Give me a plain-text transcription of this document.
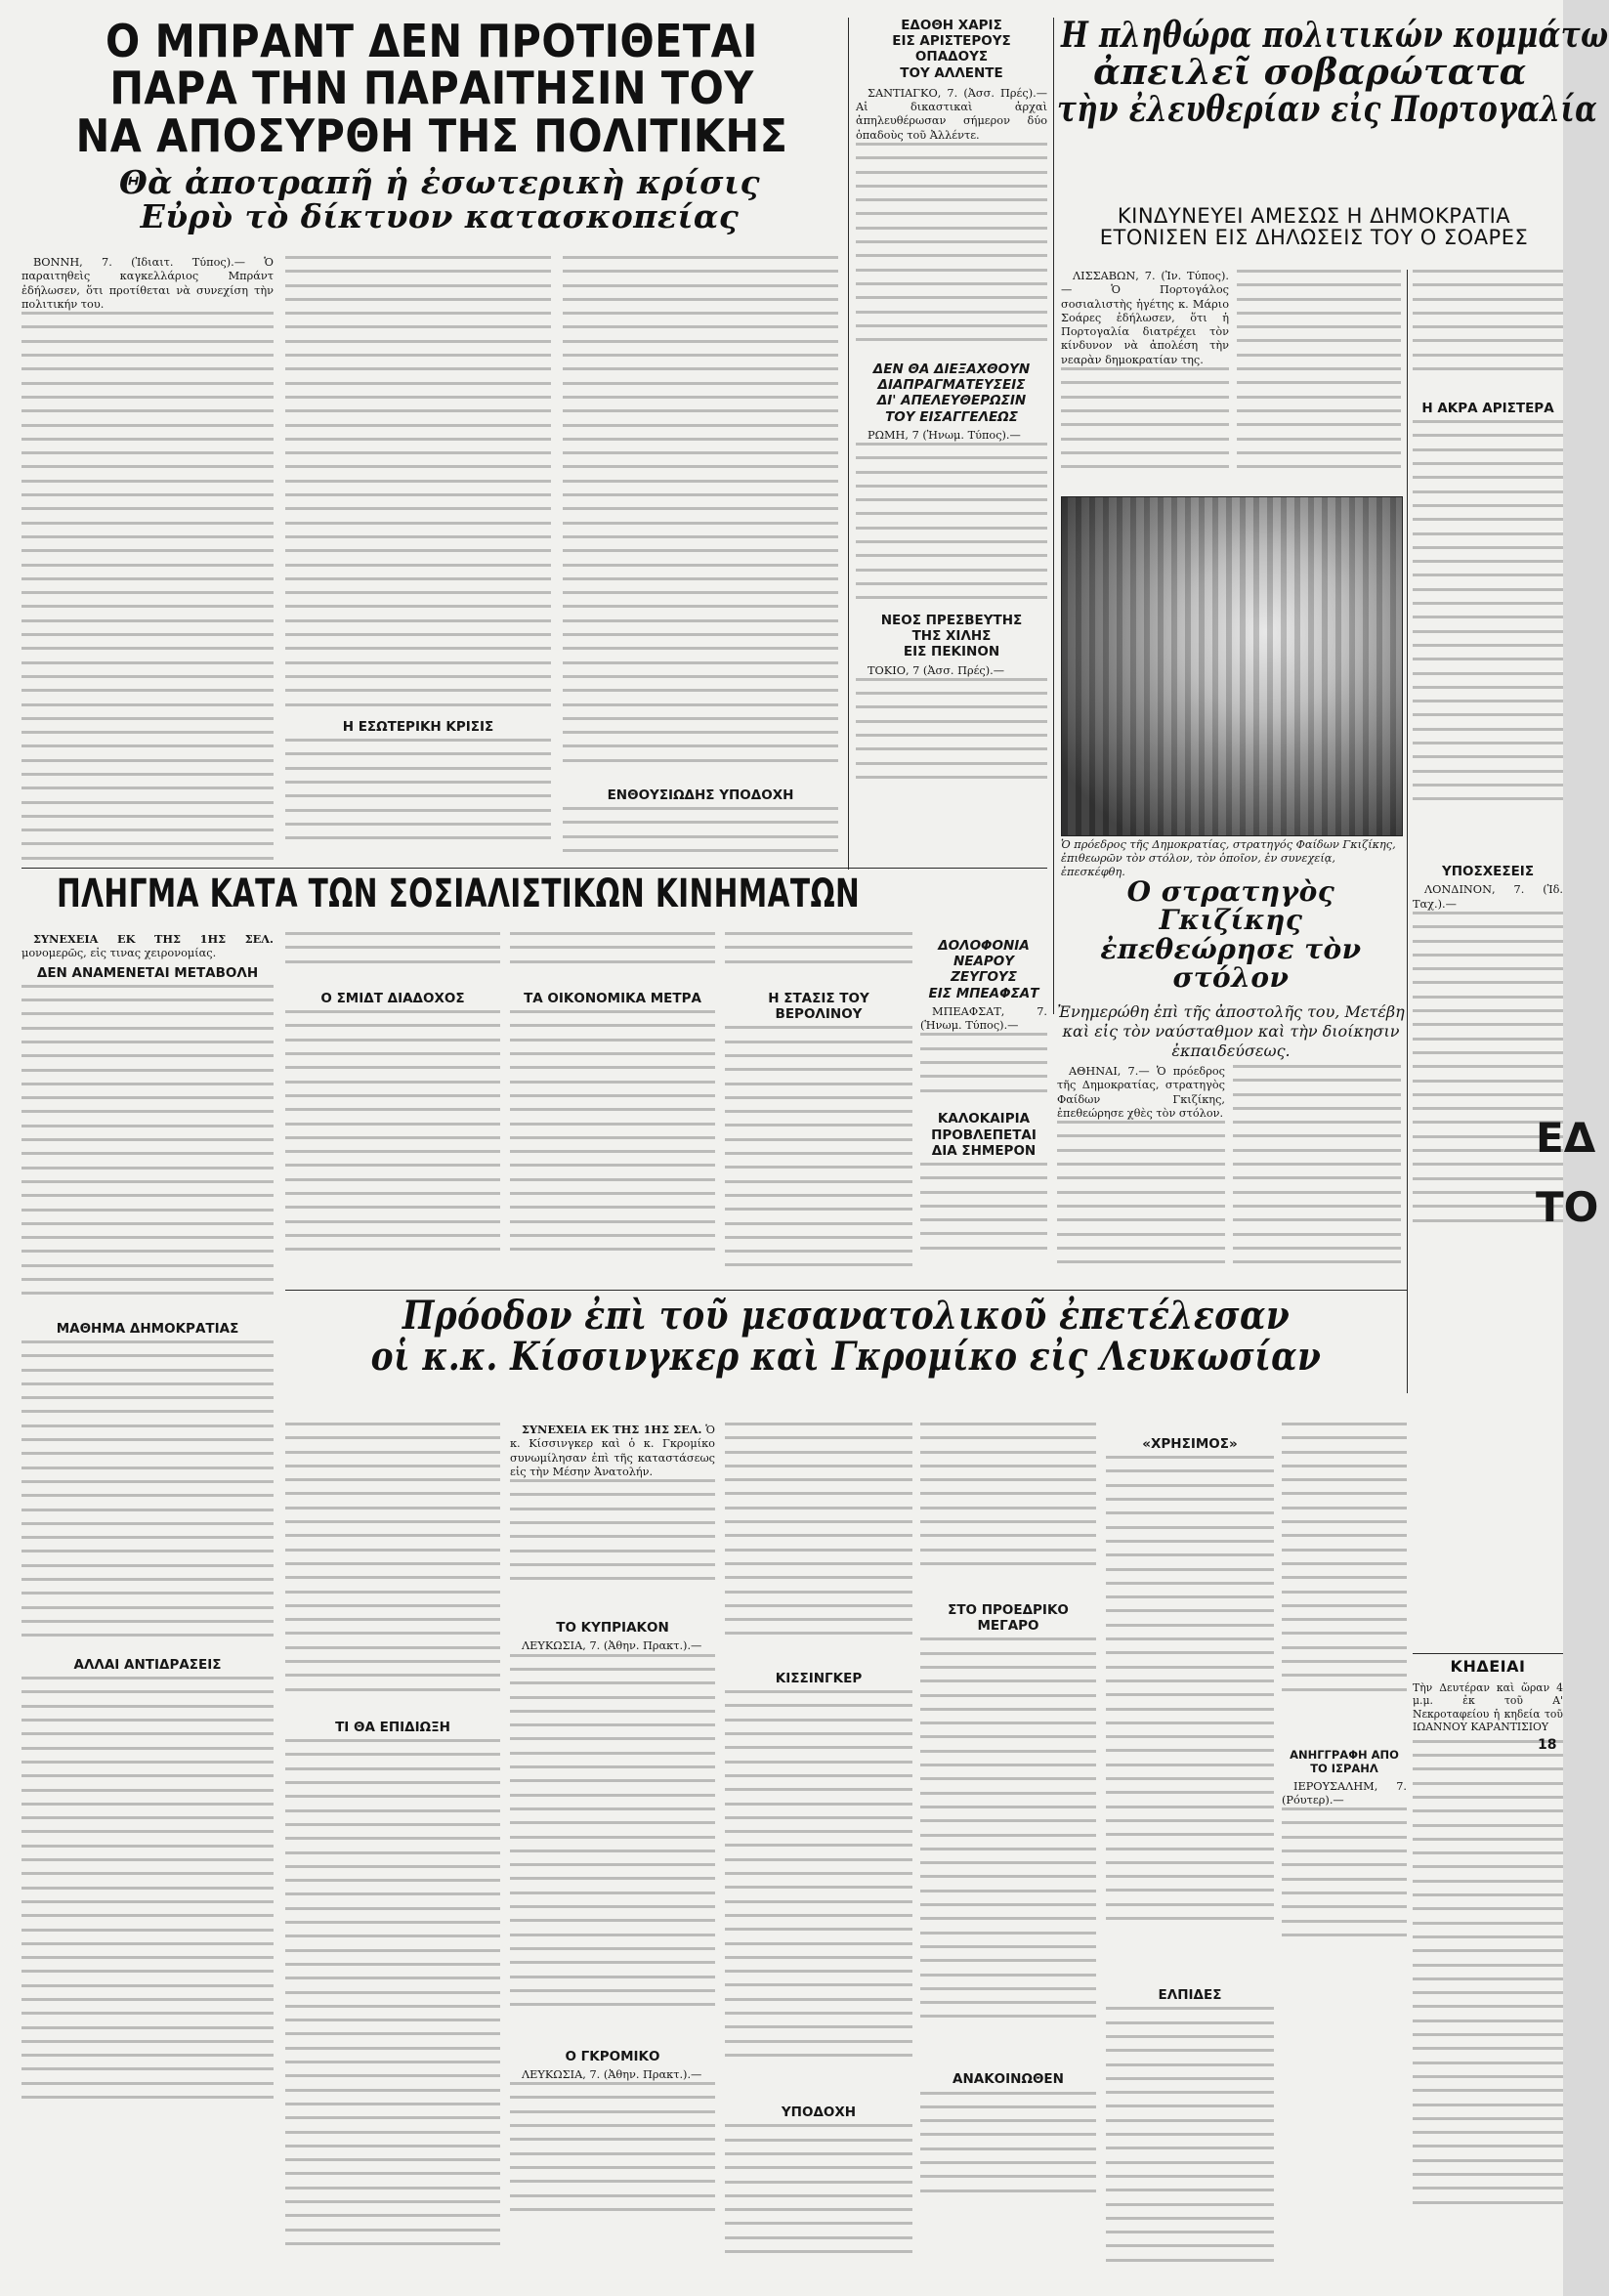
Ο ΜΠΡΑΝΤ ΔΕΝ ΠΡΟΤΙΘΕΤΑΙ
ΠΑΡΑ ΤΗΝ ΠΑΡΑΙΤΗΣΙΝ ΤΟΥ
ΝΑ ΑΠΟΣΥΡΘΗ ΤΗΣ ΠΟΛΙΤΙΚΗΣ
Θὰ ἀποτραπῆ ἡ ἐσωτερικὴ κρίσις
Εὐρὺ τὸ δίκτυον κατασκοπείας

ΒΟΝΝΗ, 7. (Ἰδιαιτ. Τύπος).— Ὁ παραιτηθεὶς καγκελλάριος Μπράντ ἐδήλωσεν, ὅτι προτίθεται νὰ συνεχίση τὴν πολιτικήν του.

Η ΕΣΩΤΕΡΙΚΗ ΚΡΙΣΙΣ
ΕΝΘΟΥΣΙΩΔΗΣ ΥΠΟΔΟΧΗ
ΕΔΟΘΗ ΧΑΡΙΣ
ΕΙΣ ΑΡΙΣΤΕΡΟΥΣ
ΟΠΑΔΟΥΣ
ΤΟΥ ΑΛΛΕΝΤΕ

ΣΑΝΤΙΑΓΚΟ, 7. (Ἀσσ. Πρές).— Αἱ δικαστικαὶ ἀρχαὶ ἀπηλευθέρωσαν σήμερον δύο ὁπαδοὺς τοῦ Ἀλλέντε.

ΔΕΝ ΘΑ ΔΙΕΞΑΧΘΟΥΝ
ΔΙΑΠΡΑΓΜΑΤΕΥΣΕΙΣ
ΔΙ' ΑΠΕΛΕΥΘΕΡΩΣΙΝ
ΤΟΥ ΕΙΣΑΓΓΕΛΕΩΣ

ΡΩΜΗ, 7 (Ἡνωμ. Τύπος).—

ΝΕΟΣ ΠΡΕΣΒΕΥΤΗΣ
ΤΗΣ ΧΙΛΗΣ
ΕΙΣ ΠΕΚΙΝΟΝ

ΤΟΚΙΟ, 7 (Ἀσσ. Πρές).—

Η πληθώρα πολιτικών κομμάτω
ἀπειλεῖ σοβαρώτατα
τὴν ἐλευθερίαν εἰς Πορτογαλία
ΚΙΝΔΥΝΕΥΕΙ ΑΜΕΣΩΣ Η ΔΗΜΟΚΡΑΤΙΑ
ΕΤΟΝΙΣΕΝ ΕΙΣ ΔΗΛΩΣΕΙΣ ΤΟΥ Ο ΣΟΑΡΕΣ

ΛΙΣΣΑΒΩΝ, 7. (Ἰν. Τύπος).—	Ὁ Πορτογάλος σοσιαλιστὴς ἡγέτης κ. Μάριο Σοάρες ἐδήλωσεν, ὅτι ἡ Πορτογαλία διατρέχει τὸν κίνδυνον νὰ ἀπολέση τὴν νεαρὰν δημοκρατίαν της.

Ὁ πρόεδρος τῆς Δημοκρατίας, στρατηγός Φαίδων Γκιζίκης, ἐπιθεωρῶν τὸν στόλον, τὸν ὁποῖον, ἐν συνεχείᾳ, ἐπεσκέφθη.
Η ΑΚΡΑ ΑΡΙΣΤΕΡΑ
ΥΠΟΣΧΕΣΕΙΣ

ΛΟΝΔΙΝΟΝ, 7. (Ἰδ. Ταχ.).—

ΕΔ
ΤΟ
ΠΛΗΓΜΑ ΚΑΤΑ ΤΩΝ ΣΟΣΙΑΛΙΣΤΙΚΩΝ ΚΙΝΗΜΑΤΩΝ

ΣΥΝΕΧΕΙΑ ΕΚ ΤΗΣ 1ΗΣ ΣΕΛ. μονομερῶς, εἰς τινας χειρονομίας.

ΔΕΝ ΑΝΑΜΕΝΕΤΑΙ ΜΕΤΑΒΟΛΗ
ΜΑΘΗΜΑ ΔΗΜΟΚΡΑΤΙΑΣ
ΑΛΛΑΙ ΑΝΤΙΔΡΑΣΕΙΣ
Ο ΣΜΙΔΤ ΔΙΑΔΟΧΟΣ	ΤΑ ΟΙΚΟΝΟΜΙΚΑ ΜΕΤΡΑ	Η ΣΤΑΣΙΣ ΤΟΥ ΒΕΡΟΛΙΝΟΥ
ΔΟΛΟΦΟΝΙΑ
ΝΕΑΡΟΥ ΖΕΥΓΟΥΣ
ΕΙΣ ΜΠΕΑΦΣΑΤ

ΜΠΕΑΦΣΑΤ, 7. (Ἡνωμ. Τύπος).—

ΚΑΛΟΚΑΙΡΙΑ
ΠΡΟΒΛΕΠΕΤΑΙ
ΔΙΑ ΣΗΜΕΡΟΝ
Ο στρατηγὸς Γκιζίκης
ἐπεθεώρησε τὸν στόλον
Ἐνημερώθη ἐπὶ τῆς ἀποστολῆς του, Μετέβη καὶ εἰς τὸν ναύσταθμον καὶ τὴν διοίκησιν ἐκπαιδεύσεως.

ΑΘΗΝΑΙ, 7.— Ὁ πρόεδρος τῆς Δημοκρατίας, στρατηγὸς Φαίδων Γκιζίκης, ἐπεθεώρησε χθὲς τὸν στόλον.

Πρόοδον ἐπὶ τοῦ μεσανατολικοῦ ἐπετέλεσαν
οἱ κ.κ. Κίσσινγκερ καὶ Γκρομίκο εἰς Λευκωσίαν
ΤΙ ΘΑ ΕΠΙΔΙΩΞΗ

ΣΥΝΕΧΕΙΑ ΕΚ ΤΗΣ 1ΗΣ ΣΕΛ. Ὁ κ. Κίσσινγκερ καὶ ὁ κ. Γκρομίκο συνωμίλησαν ἐπὶ τῆς καταστάσεως εἰς τὴν Μέσην Ἀνατολήν.

ΤΟ ΚΥΠΡΙΑΚΟΝ

ΛΕΥΚΩΣΙΑ, 7. (Ἀθην. Πρακτ.).—

Ο ΓΚΡΟΜΙΚΟ

ΛΕΥΚΩΣΙΑ, 7. (Ἀθην. Πρακτ.).—

ΚΙΣΣΙΝΓΚΕΡ
ΥΠΟΔΟΧΗ
ΣΤΟ ΠΡΟΕΔΡΙΚΟ ΜΕΓΑΡΟ
ΑΝΑΚΟΙΝΩΘΕΝ
«ΧΡΗΣΙΜΟΣ»
ΕΛΠΙΔΕΣ
ΑΝΗΓΓΡΑΦΗ ΑΠΟ ΤΟ ΙΣΡΑΗΛ

ΙΕΡΟΥΣΑΛΗΜ, 7. (Ρόυτερ).—

ΚΗΔΕΙΑΙ
Τὴν Δευτέραν καὶ ὥραν 4 μ.μ. ἐκ τοῦ Α' Νεκροταφείου ἡ κηδεία τοῦ ΙΩΑΝΝΟΥ ΚΑΡΑΝΤΙΣΙΟΥ
18
